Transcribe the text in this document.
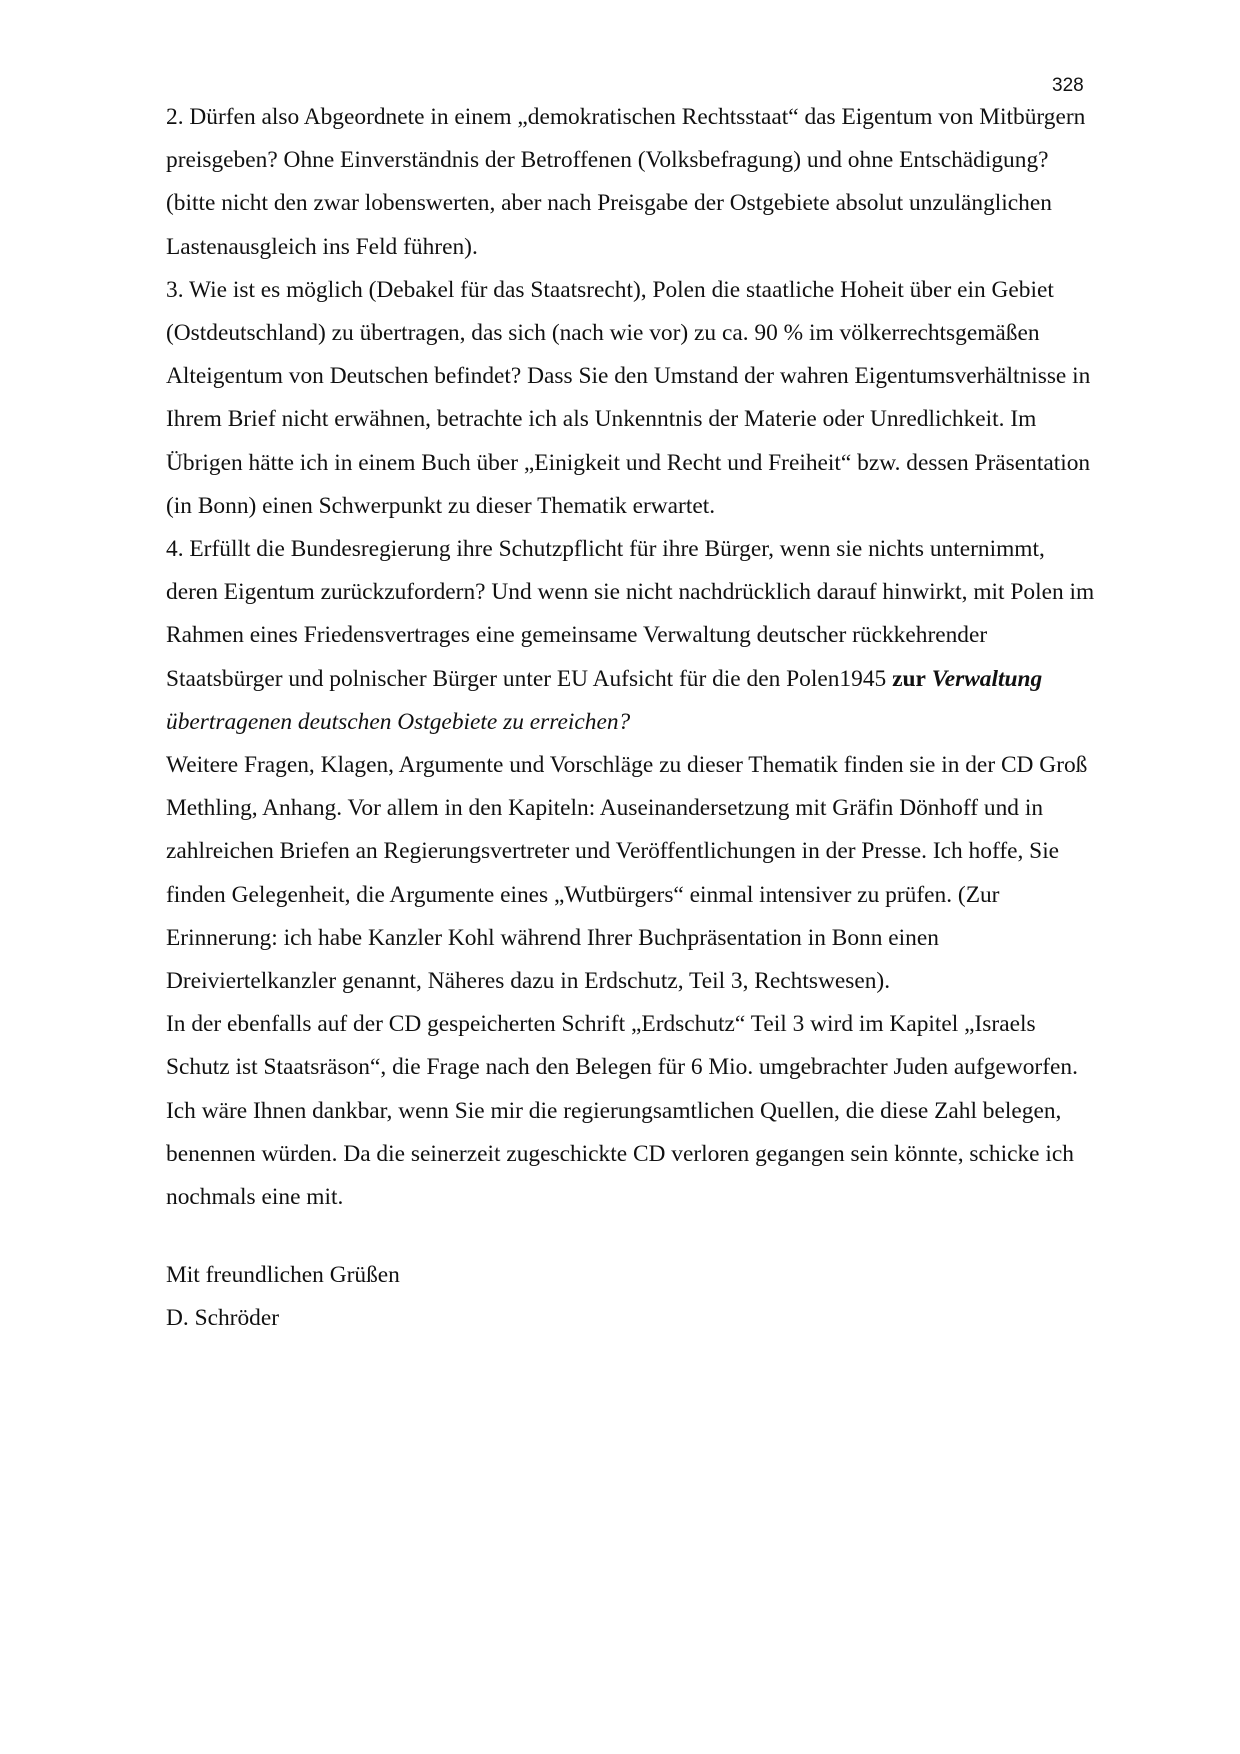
328

2. Dürfen also Abgeordnete in einem „demokratischen Rechtsstaat“ das Eigentum von Mitbürgern preisgeben? Ohne Einverständnis der Betroffenen (Volksbefragung) und ohne Entschädigung? (bitte nicht den zwar lobenswerten, aber nach Preisgabe der Ostgebiete absolut unzulänglichen Lastenausgleich ins Feld führen).

3. Wie ist es möglich (Debakel für das Staatsrecht), Polen die staatliche Hoheit über ein Gebiet (Ostdeutschland) zu übertragen, das sich (nach wie vor) zu ca. 90 % im völkerrechtsgemäßen Alteigentum von Deutschen befindet? Dass Sie den Umstand der wahren Eigentumsverhältnisse in Ihrem Brief nicht erwähnen, betrachte ich als Unkenntnis der Materie oder Unredlichkeit. Im Übrigen hätte ich in einem Buch über „Einigkeit und Recht und Freiheit“ bzw. dessen Präsentation (in Bonn) einen Schwerpunkt zu dieser Thematik erwartet.

4. Erfüllt die Bundesregierung ihre Schutzpflicht für ihre Bürger, wenn sie nichts unternimmt, deren Eigentum zurückzufordern? Und wenn sie nicht nachdrücklich darauf hinwirkt, mit Polen im Rahmen eines Friedensvertrages eine gemeinsame Verwaltung deutscher rückkehrender Staatsbürger und polnischer Bürger unter EU Aufsicht für die den Polen1945 zur Verwaltung übertragenen deutschen Ostgebiete zu erreichen?

Weitere Fragen, Klagen, Argumente und Vorschläge zu dieser Thematik finden sie in der CD Groß Methling, Anhang. Vor allem in den Kapiteln: Auseinandersetzung mit Gräfin Dönhoff und in zahlreichen Briefen an Regierungsvertreter und Veröffentlichungen in der Presse. Ich hoffe, Sie finden Gelegenheit, die Argumente eines „Wutbürgers“ einmal intensiver zu prüfen. (Zur Erinnerung: ich habe Kanzler Kohl während Ihrer Buchpräsentation in Bonn einen Dreiviertelkanzler genannt, Näheres dazu in Erdschutz, Teil 3, Rechtswesen).

In der ebenfalls auf der CD gespeicherten Schrift „Erdschutz“ Teil 3 wird im Kapitel „Israels Schutz ist Staatsräson“, die Frage nach den Belegen für 6 Mio. umgebrachter Juden aufgeworfen. Ich wäre Ihnen dankbar, wenn Sie mir die regierungsamtlichen Quellen, die diese Zahl belegen, benennen würden. Da die seinerzeit zugeschickte CD verloren gegangen sein könnte, schicke ich nochmals eine mit.

Mit freundlichen Grüßen

D. Schröder
